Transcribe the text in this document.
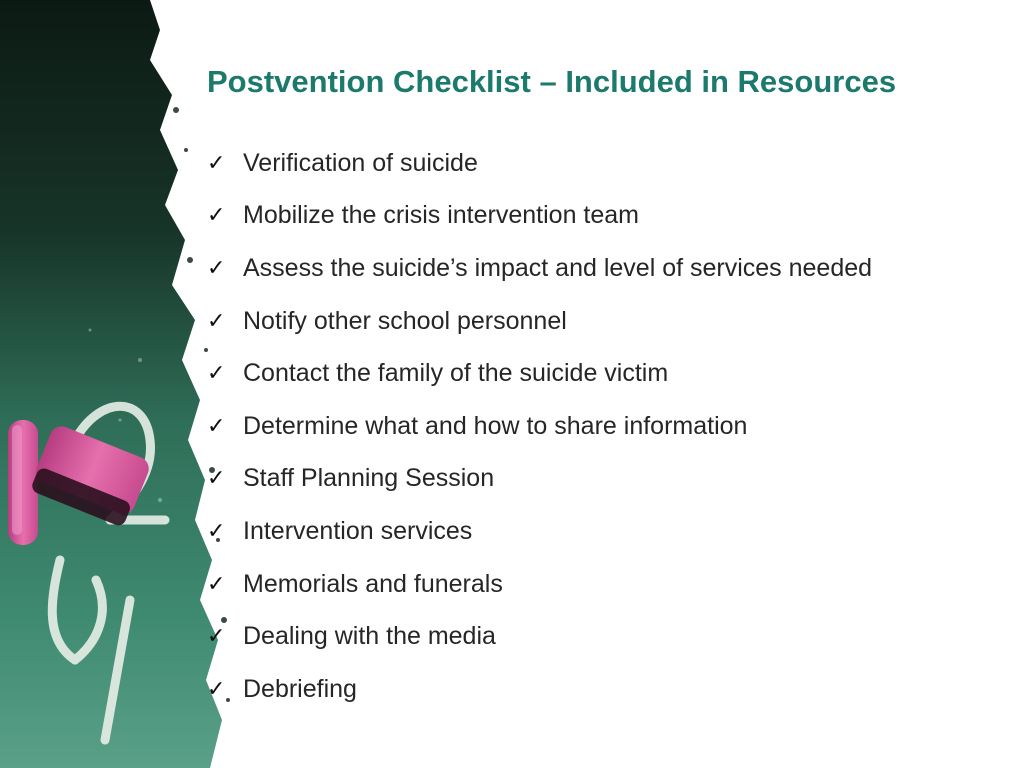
Postvention Checklist – Included in Resources
✓ Verification of suicide
✓ Mobilize the crisis intervention team
✓ Assess the suicide’s impact and level of services needed
✓ Notify other school personnel
✓ Contact the family of the suicide victim
✓ Determine what and how to share information
✓ Staff Planning Session
✓ Intervention services
✓ Memorials and funerals
✓ Dealing with the media
✓ Debriefing
